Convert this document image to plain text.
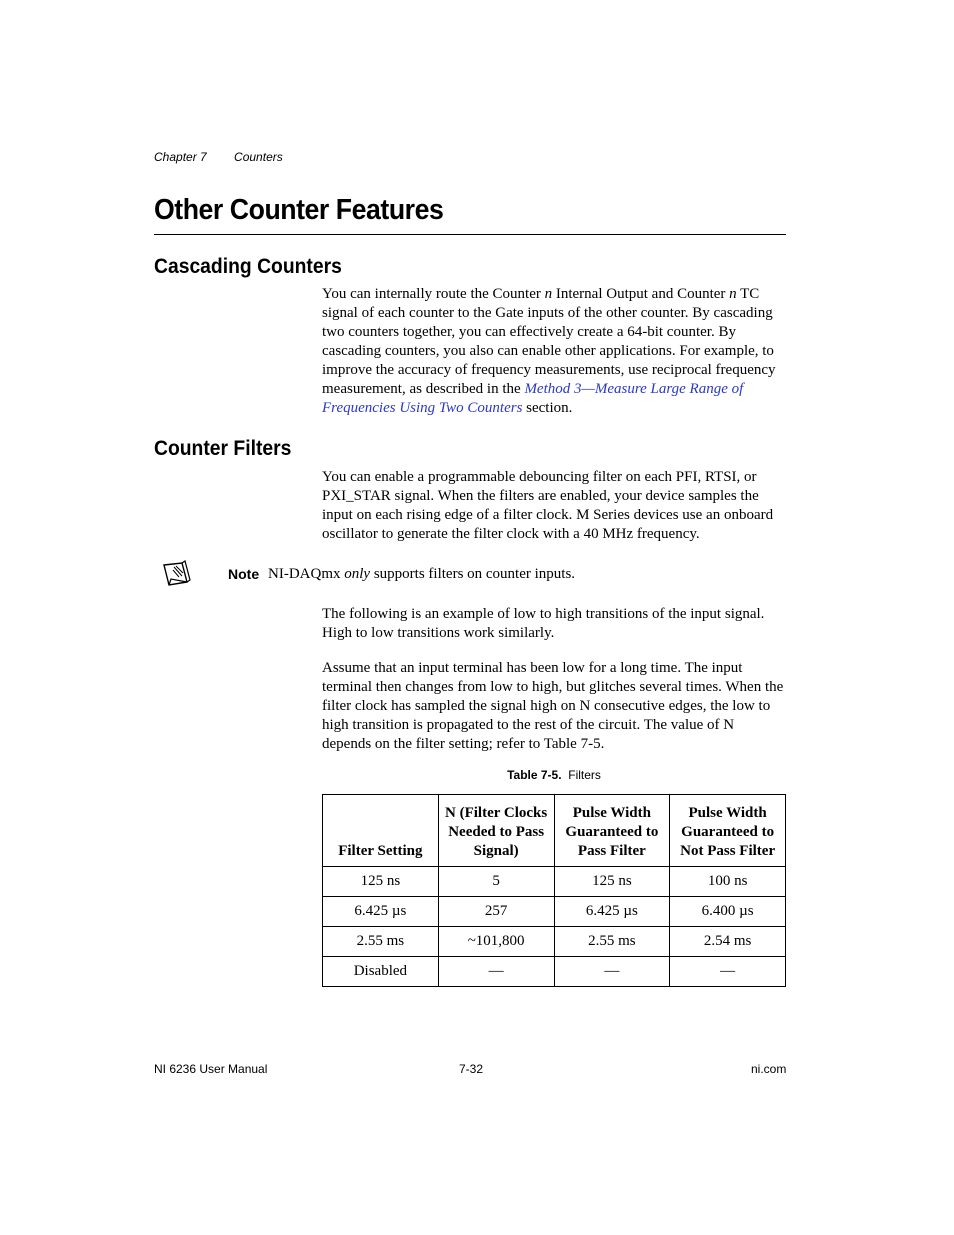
Chapter 7 Counters
Other Counter Features
Cascading Counters

You can internally route the Counter n Internal Output and Counter n TC signal of each counter to the Gate inputs of the other counter. By cascading two counters together, you can effectively create a 64-bit counter. By cascading counters, you also can enable other applications. For example, to improve the accuracy of frequency measurements, use reciprocal frequency measurement, as described in the Method 3—Measure Large Range of Frequencies Using Two Counters section.

Counter Filters

You can enable a programmable debouncing filter on each PFI, RTSI, or PXI_STAR signal. When the filters are enabled, your device samples the input on each rising edge of a filter clock. M Series devices use an onboard oscillator to generate the filter clock with a 40 MHz frequency.

Note NI-DAQmx only supports filters on counter inputs.

The following is an example of low to high transitions of the input signal. High to low transitions work similarly.

Assume that an input terminal has been low for a long time. The input terminal then changes from low to high, but glitches several times. When the filter clock has sampled the signal high on N consecutive edges, the low to high transition is propagated to the rest of the circuit. The value of N depends on the filter setting; refer to Table 7-5.

Table 7-5. Filters
Filter Setting	N (Filter Clocks Needed to Pass Signal)	Pulse Width Guaranteed to Pass Filter	Pulse Width Guaranteed to Not Pass Filter
125 ns	5	125 ns	100 ns
6.425 µs	257	6.425 µs	6.400 µs
2.55 ms	~101,800	2.55 ms	2.54 ms
Disabled	—	—	—
NI 6236 User Manual	7-32	ni.com
